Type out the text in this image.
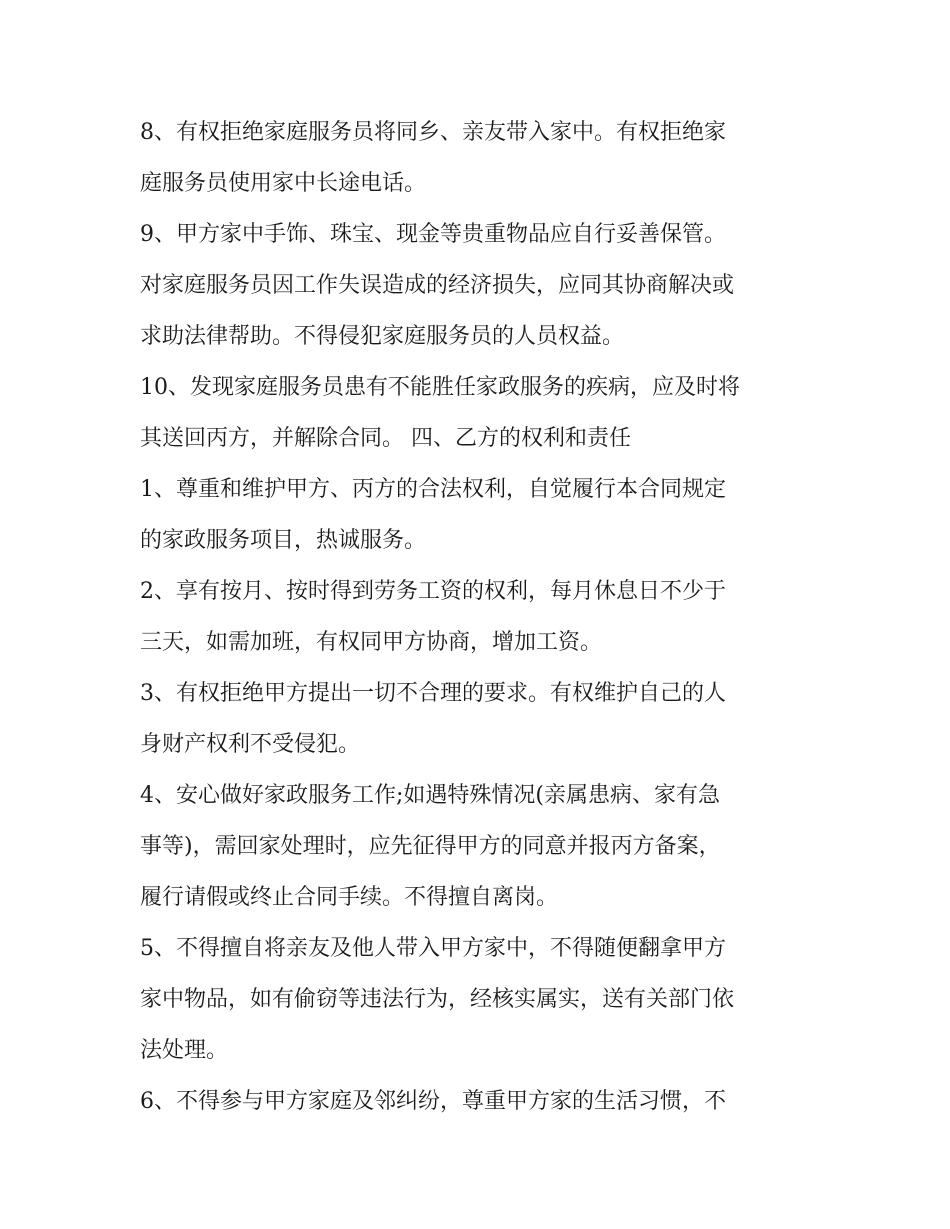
8、有权拒绝家庭服务员将同乡、亲友带入家中。有权拒绝家
庭服务员使用家中长途电话。
9、甲方家中手饰、珠宝、现金等贵重物品应自行妥善保管。
对家庭服务员因工作失误造成的经济损失，应同其协商解决或
求助法律帮助。不得侵犯家庭服务员的人员权益。
10、发现家庭服务员患有不能胜任家政服务的疾病，应及时将
其送回丙方，并解除合同。 四、乙方的权利和责任
1、尊重和维护甲方、丙方的合法权利，自觉履行本合同规定
的家政服务项目，热诚服务。
2、享有按月、按时得到劳务工资的权利，每月休息日不少于
三天，如需加班，有权同甲方协商，增加工资。
3、有权拒绝甲方提出一切不合理的要求。有权维护自己的人
身财产权利不受侵犯。
4、安心做好家政服务工作;如遇特殊情况(亲属患病、家有急
事等)，需回家处理时，应先征得甲方的同意并报丙方备案，
履行请假或终止合同手续。不得擅自离岗。
5、不得擅自将亲友及他人带入甲方家中，不得随便翻拿甲方
家中物品，如有偷窃等违法行为，经核实属实，送有关部门依
法处理。
6、不得参与甲方家庭及邻纠纷，尊重甲方家的生活习惯，不
